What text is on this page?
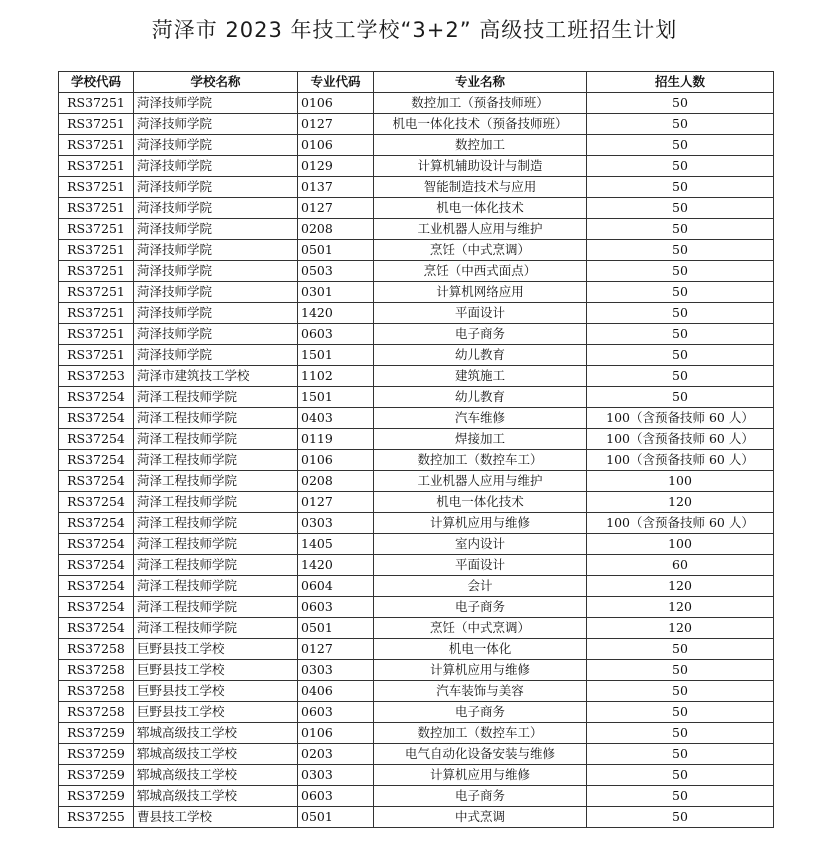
菏泽市 2023 年技工学校“3+2” 高级技工班招生计划
学校代码	学校名称	专业代码	专业名称	招生人数
RS37251	菏泽技师学院	0106	数控加工（预备技师班）	50
RS37251	菏泽技师学院	0127	机电一体化技术（预备技师班）	50
RS37251	菏泽技师学院	0106	数控加工	50
RS37251	菏泽技师学院	0129	计算机辅助设计与制造	50
RS37251	菏泽技师学院	0137	智能制造技术与应用	50
RS37251	菏泽技师学院	0127	机电一体化技术	50
RS37251	菏泽技师学院	0208	工业机器人应用与维护	50
RS37251	菏泽技师学院	0501	烹饪（中式烹调）	50
RS37251	菏泽技师学院	0503	烹饪（中西式面点）	50
RS37251	菏泽技师学院	0301	计算机网络应用	50
RS37251	菏泽技师学院	1420	平面设计	50
RS37251	菏泽技师学院	0603	电子商务	50
RS37251	菏泽技师学院	1501	幼儿教育	50
RS37253	菏泽市建筑技工学校	1102	建筑施工	50
RS37254	菏泽工程技师学院	1501	幼儿教育	50
RS37254	菏泽工程技师学院	0403	汽车维修	100（含预备技师 60 人）
RS37254	菏泽工程技师学院	0119	焊接加工	100（含预备技师 60 人）
RS37254	菏泽工程技师学院	0106	数控加工（数控车工）	100（含预备技师 60 人）
RS37254	菏泽工程技师学院	0208	工业机器人应用与维护	100
RS37254	菏泽工程技师学院	0127	机电一体化技术	120
RS37254	菏泽工程技师学院	0303	计算机应用与维修	100（含预备技师 60 人）
RS37254	菏泽工程技师学院	1405	室内设计	100
RS37254	菏泽工程技师学院	1420	平面设计	60
RS37254	菏泽工程技师学院	0604	会计	120
RS37254	菏泽工程技师学院	0603	电子商务	120
RS37254	菏泽工程技师学院	0501	烹饪（中式烹调）	120
RS37258	巨野县技工学校	0127	机电一体化	50
RS37258	巨野县技工学校	0303	计算机应用与维修	50
RS37258	巨野县技工学校	0406	汽车装饰与美容	50
RS37258	巨野县技工学校	0603	电子商务	50
RS37259	郓城高级技工学校	0106	数控加工（数控车工）	50
RS37259	郓城高级技工学校	0203	电气自动化设备安装与维修	50
RS37259	郓城高级技工学校	0303	计算机应用与维修	50
RS37259	郓城高级技工学校	0603	电子商务	50
RS37255	曹县技工学校	0501	中式烹调	50
